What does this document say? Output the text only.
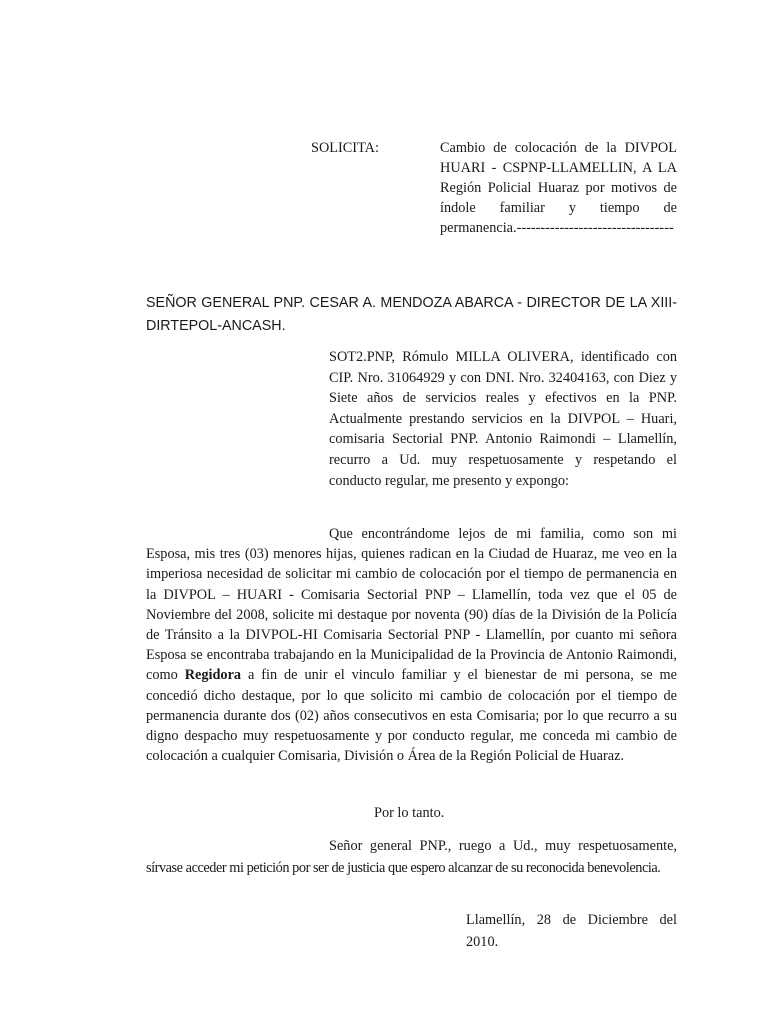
SOLICITA:	Cambio de colocación de la DIVPOL HUARI - CSPNP-LLAMELLIN, A LA Región Policial Huaraz por motivos de índole familiar y tiempo de permanencia.---------------------------------
SEÑOR GENERAL PNP. CESAR A. MENDOZA ABARCA - DIRECTOR DE LA XIII-DIRTEPOL-ANCASH.
SOT2.PNP, Rómulo MILLA OLIVERA, identificado con CIP. Nro. 31064929 y con DNI. Nro. 32404163, con Diez y Siete años de servicios reales y efectivos en la PNP. Actualmente prestando servicios en la DIVPOL – Huari, comisaria Sectorial PNP. Antonio Raimondi – Llamellín, recurro a Ud. muy respetuosamente y respetando el conducto regular, me presento y expongo:
Que encontrándome lejos de mi familia, como son mi Esposa, mis tres (03) menores hijas, quienes radican en la Ciudad de Huaraz, me veo en la imperiosa necesidad de solicitar mi cambio de colocación por el tiempo de permanencia en la DIVPOL – HUARI - Comisaria Sectorial PNP – Llamellín, toda vez que el 05 de Noviembre del 2008, solicite mi destaque por noventa (90) días de la División de la Policía de Tránsito a la DIVPOL-HI Comisaria Sectorial PNP - Llamellín, por cuanto mi señora Esposa se encontraba trabajando en la Municipalidad de la Provincia de Antonio Raimondi, como Regidora a fin de unir el vinculo familiar y el bienestar de mi persona, se me concedió dicho destaque, por lo que solicito mi cambio de colocación por el tiempo de permanencia durante dos (02) años consecutivos en esta Comisaria; por lo que recurro a su digno despacho muy respetuosamente y por conducto regular, me conceda mi cambio de colocación a cualquier Comisaria, División o Área de la Región Policial de Huaraz.
Por lo tanto.
Señor general PNP., ruego a Ud., muy respetuosamente, sírvase acceder mi petición por ser de justicia que espero alcanzar de su reconocida benevolencia.
Llamellín, 28 de Diciembre del 2010.
